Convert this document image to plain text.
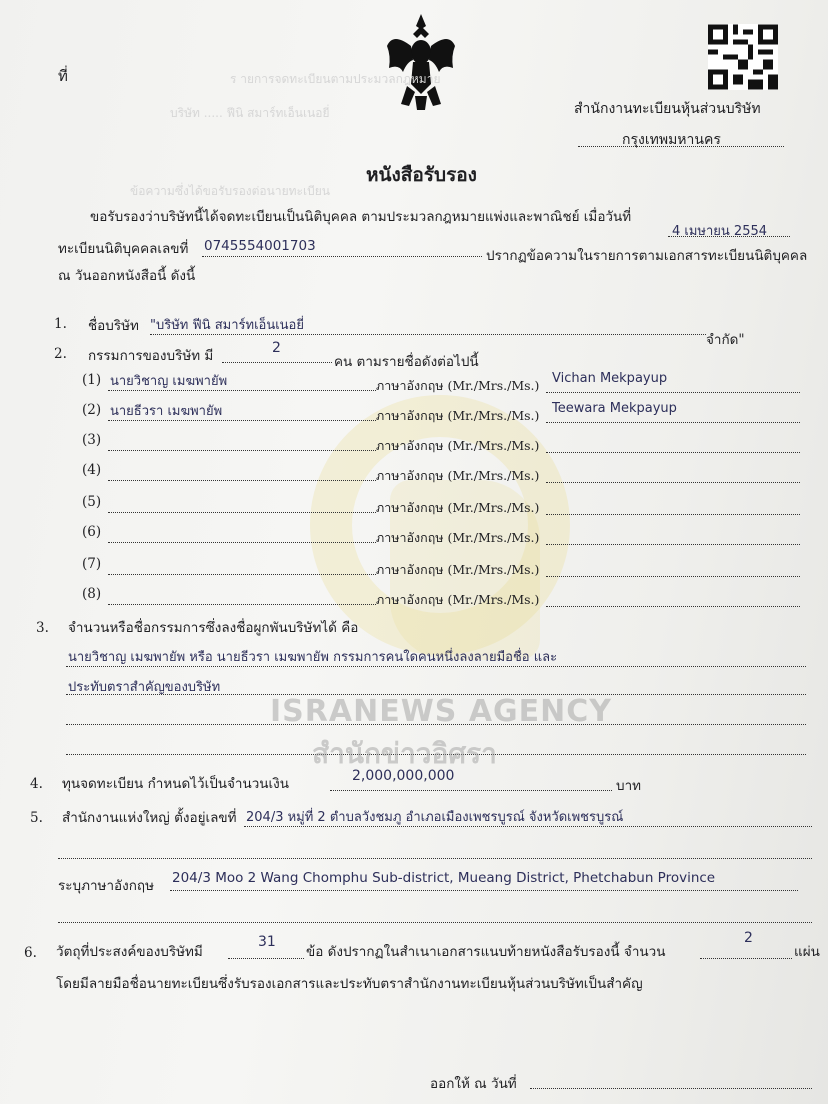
ที่
สำนักงานทะเบียนหุ้นส่วนบริษัท
กรุงเทพมหานคร
ร ายการจดทะเบียนตามประมวลกฎหมาย
บริษัท ..... ฟีนิ สมาร์ทเอ็นเนอยี่
ข้อความซึ่งได้ขอรับรองต่อนายทะเบียน
หนังสือรับรอง
ขอรับรองว่าบริษัทนี้ได้จดทะเบียนเป็นนิติบุคคล ตามประมวลกฎหมายแพ่งและพาณิชย์ เมื่อวันที่
4 เมษายน 2554
ทะเบียนนิติบุคคลเลขที่ 0745554001703
ปรากฏข้อความในรายการตามเอกสารทะเบียนนิติบุคคล
ณ วันออกหนังสือนี้ ดังนี้
1. ชื่อบริษัท "บริษัท ฟีนิ สมาร์ทเอ็นเนอยี่
จำกัด"
2. กรรมการของบริษัท มี	2
คน ตามรายชื่อดังต่อไปนี้
(1) นายวิชาญ เมฆพายัพ	ภาษาอังกฤษ (Mr./Mrs./Ms.) Vichan Mekpayup
(2) นายธีวรา เมฆพายัพ	ภาษาอังกฤษ (Mr./Mrs./Ms.) Teewara Mekpayup
(3)	ภาษาอังกฤษ (Mr./Mrs./Ms.)
(4)	ภาษาอังกฤษ (Mr./Mrs./Ms.)
(5)	ภาษาอังกฤษ (Mr./Mrs./Ms.)
(6)	ภาษาอังกฤษ (Mr./Mrs./Ms.)
(7)	ภาษาอังกฤษ (Mr./Mrs./Ms.)
(8)	ภาษาอังกฤษ (Mr./Mrs./Ms.)
3. จำนวนหรือชื่อกรรมการซึ่งลงชื่อผูกพันบริษัทได้ คือ
นายวิชาญ เมฆพายัพ หรือ นายธีวรา เมฆพายัพ กรรมการคนใดคนหนึ่งลงลายมือชื่อ และ
ประทับตราสำคัญของบริษัท
ISRANEWS AGENCY
สำนักข่าวอิศรา
4. ทุนจดทะเบียน กำหนดไว้เป็นจำนวนเงิน	2,000,000,000
บาท
5. สำนักงานแห่งใหญ่ ตั้งอยู่เลขที่ 204/3 หมู่ที่ 2 ตำบลวังชมภู อำเภอเมืองเพชรบูรณ์ จังหวัดเพชรบูรณ์
ระบุภาษาอังกฤษ 204/3 Moo 2 Wang Chomphu Sub-district, Mueang District, Phetchabun Province
6. วัตถุที่ประสงค์ของบริษัทมี
31
ข้อ ดังปรากฏในสำเนาเอกสารแนบท้ายหนังสือรับรองนี้ จำนวน
2
แผ่น
โดยมีลายมือชื่อนายทะเบียนซึ่งรับรองเอกสารและประทับตราสำนักงานทะเบียนหุ้นส่วนบริษัทเป็นสำคัญ
ออกให้ ณ วันที่
